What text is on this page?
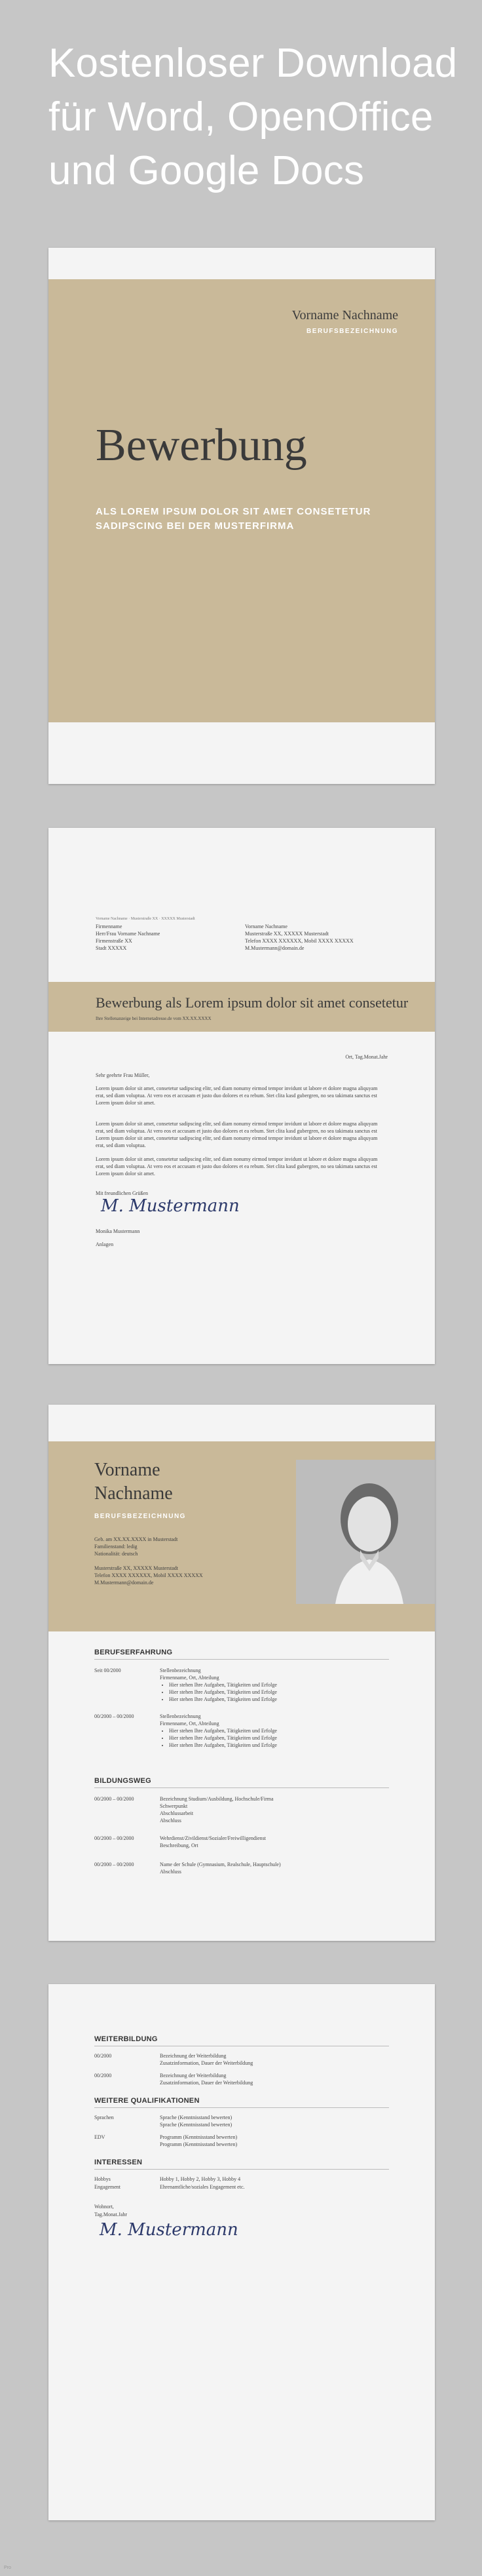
Kostenloser Download
für Word, OpenOffice
und Google Docs
Vorname Nachname
BERUFSBEZEICHNUNG
Bewerbung
ALS LOREM IPSUM DOLOR SIT AMET CONSETETUR SADIPSCING BEI DER MUSTERFIRMA
Vorname Nachname · Musterstraße XX · XXXXX Musterstadt
Firmenname
Herr/Frau Vorname Nachname
Firmenstraße XX
Stadt XXXXX
Vorname Nachname
Musterstraße XX, XXXXX Musterstadt
Telefon XXXX XXXXXX, Mobil XXXX XXXXX
M.Mustermann@domain.de
Bewerbung als Lorem ipsum dolor sit amet consetetur
Ihre Stellenanzeige bei Internetadresse.de vom XX.XX.XXXX
Ort, Tag.Monat.Jahr
Sehr geehrte Frau Müller,
Lorem ipsum dolor sit amet, consetetur sadipscing elitr, sed diam nonumy eirmod tempor invidunt ut labore et dolore magna aliquyam erat, sed diam voluptua. At vero eos et accusam et justo duo dolores et ea rebum. Stet clita kasd gubergren, no sea takimata sanctus est Lorem ipsum dolor sit amet.
Lorem ipsum dolor sit amet, consetetur sadipscing elitr, sed diam nonumy eirmod tempor invidunt ut labore et dolore magna aliquyam erat, sed diam voluptua. At vero eos et accusam et justo duo dolores et ea rebum. Stet clita kasd gubergren, no sea takimata sanctus est Lorem ipsum dolor sit amet, consetetur sadipscing elitr, sed diam nonumy eirmod tempor invidunt ut labore et dolore magna aliquyam erat, sed diam voluptua.
Lorem ipsum dolor sit amet, consetetur sadipscing elitr, sed diam nonumy eirmod tempor invidunt ut labore et dolore magna aliquyam erat, sed diam voluptua. At vero eos et accusam et justo duo dolores et ea rebum. Stet clita kasd gubergren, no sea takimata sanctus est Lorem ipsum dolor sit amet.
Mit freundlichen Grüßen
M. Mustermann
Monika Mustermann
Anlagen
Vorname
Nachname
BERUFSBEZEICHNUNG
Geb. am XX.XX.XXXX in Musterstadt
Familienstand: ledig
Nationalität: deutsch
Musterstraße XX, XXXXX Musterstadt
Telefon XXXX XXXXXX, Mobil XXXX XXXXX
M.Mustermann@domain.de
BERUFSERFAHRUNG
Seit 00/2000	Stellenbezeichnung
Firmenname, Ort, Abteilung
• Hier stehen Ihre Aufgaben, Tätigkeiten und Erfolge
• Hier stehen Ihre Aufgaben, Tätigkeiten und Erfolge
• Hier stehen Ihre Aufgaben, Tätigkeiten und Erfolge
00/2000 – 00/2000	Stellenbezeichnung
Firmenname, Ort, Abteilung
• Hier stehen Ihre Aufgaben, Tätigkeiten und Erfolge
• Hier stehen Ihre Aufgaben, Tätigkeiten und Erfolge
• Hier stehen Ihre Aufgaben, Tätigkeiten und Erfolge
BILDUNGSWEG
00/2000 – 00/2000	Bezeichnung Studium/Ausbildung, Hochschule/Firma
Schwerpunkt
Abschlussarbeit
Abschluss
00/2000 – 00/2000	Wehrdienst/Zivildienst/Sozialer/Freiwilligendienst
Beschreibung, Ort
00/2000 – 00/2000	Name der Schule (Gymnasium, Realschule, Hauptschule)
Abschluss
WEITERBILDUNG
00/2000	Bezeichnung der Weiterbildung
Zusatzinformation, Dauer der Weiterbildung
00/2000	Bezeichnung der Weiterbildung
Zusatzinformation, Dauer der Weiterbildung
WEITERE QUALIFIKATIONEN
Sprachen	Sprache (Kenntnisstand bewerten)
Sprache (Kenntnisstand bewerten)
EDV	Programm (Kenntnisstand bewerten)
Programm (Kenntnisstand bewerten)
INTERESSEN
Hobbys	Hobby 1, Hobby 2, Hobby 3, Hobby 4
Engagement	Ehrenamtliche/soziales Engagement etc.
Wohnort,
Tag.Monat.Jahr
M. Mustermann
Pro
